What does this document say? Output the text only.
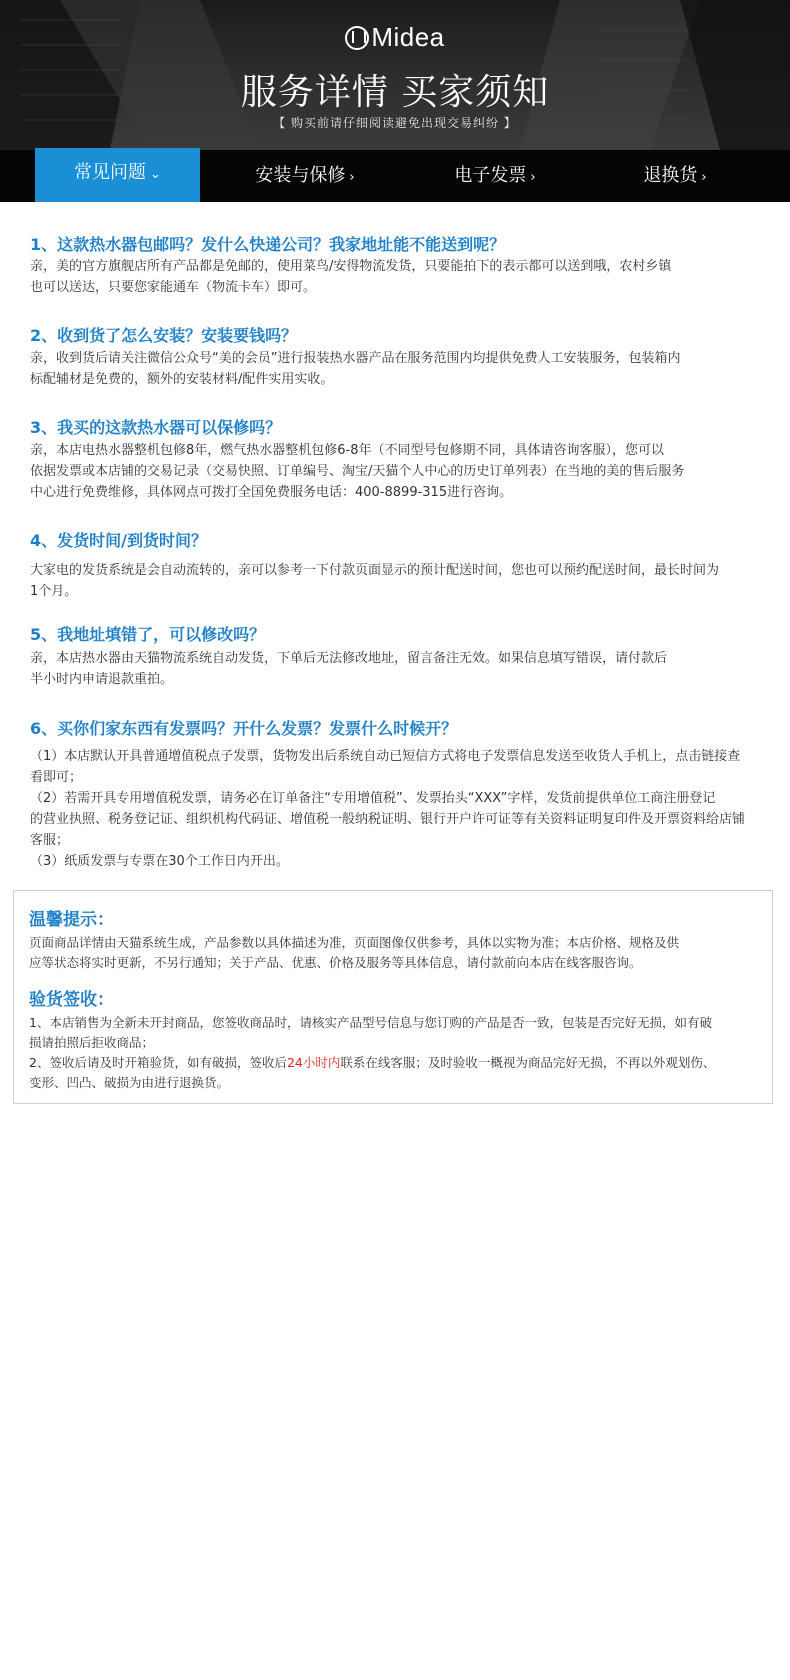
Midea
服务详情 买家须知
【 购买前请仔细阅读避免出现交易纠纷 】
常见问题 ⌄	安装与保修 ›	电子发票 ›	退换货 ›
1、这款热水器包邮吗？发什么快递公司？我家地址能不能送到呢？

亲，美的官方旗舰店所有产品都是免邮的，使用菜鸟/安得物流发货，只要能拍下的表示都可以送到哦，农村乡镇

也可以送达，只要您家能通车（物流卡车）即可。

2、收到货了怎么安装？安装要钱吗？

亲，收到货后请关注微信公众号“美的会员”进行报装热水器产品在服务范围内均提供免费人工安装服务，包装箱内

标配辅材是免费的，额外的安装材料/配件实用实收。

3、我买的这款热水器可以保修吗？

亲，本店电热水器整机包修8年，燃气热水器整机包修6-8年（不同型号包修期不同，具体请咨询客服），您可以

依据发票或本店铺的交易记录（交易快照、订单编号、淘宝/天猫个人中心的历史订单列表）在当地的美的售后服务

中心进行免费维修，具体网点可拨打全国免费服务电话：400-8899-315进行咨询。

4、发货时间/到货时间？

大家电的发货系统是会自动流转的，亲可以参考一下付款页面显示的预计配送时间，您也可以预约配送时间，最长时间为

1个月。

5、我地址填错了，可以修改吗？

亲，本店热水器由天猫物流系统自动发货，下单后无法修改地址，留言备注无效。如果信息填写错误，请付款后

半小时内申请退款重拍。

6、买你们家东西有发票吗？开什么发票？发票什么时候开？

（1）本店默认开具普通增值税点子发票，货物发出后系统自动已短信方式将电子发票信息发送至收货人手机上，点击链接查

看即可；

（2）若需开具专用增值税发票，请务必在订单备注“专用增值税”、发票抬头“XXX”字样，发货前提供单位工商注册登记

的营业执照、税务登记证、组织机构代码证、增值税一般纳税证明、银行开户许可证等有关资料证明复印件及开票资料给店铺

客服；

（3）纸质发票与专票在30个工作日内开出。

温馨提示：

页面商品详情由天猫系统生成，产品参数以具体描述为准，页面图像仅供参考，具体以实物为准；本店价格、规格及供

应等状态将实时更新，不另行通知；关于产品、优惠、价格及服务等具体信息，请付款前向本店在线客服咨询。

验货签收：

1、本店销售为全新未开封商品，您签收商品时，请核实产品型号信息与您订购的产品是否一致，包装是否完好无损，如有破

损请拍照后拒收商品；

2、签收后请及时开箱验货，如有破损，签收后24小时内联系在线客服；及时验收一概视为商品完好无损，不再以外观划伤、

变形、凹凸、破损为由进行退换货。
